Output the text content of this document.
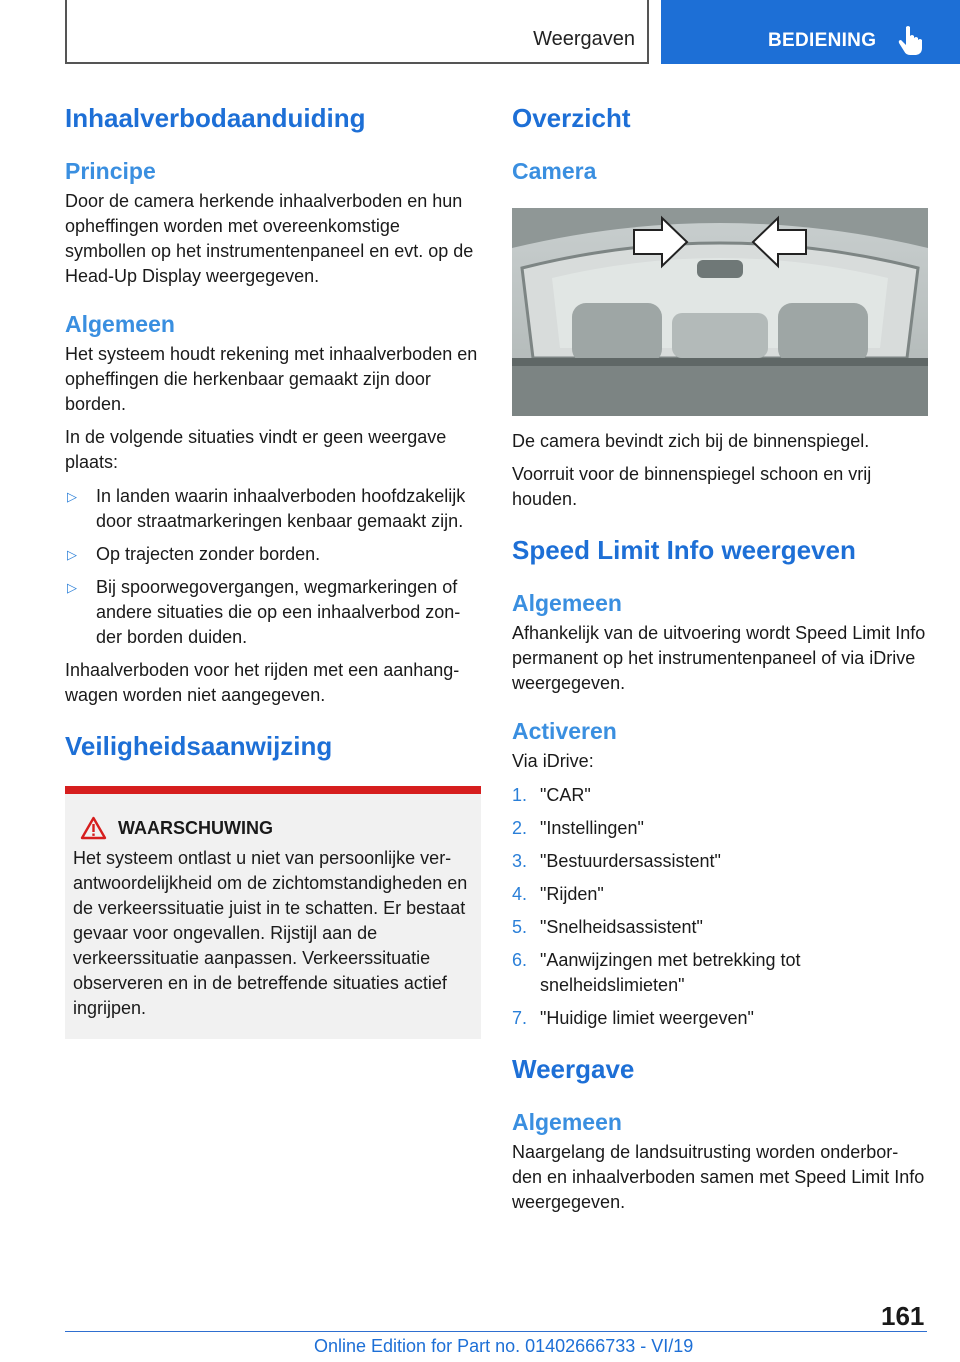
Weergaven	BEDIENING
Inhaalverbodaanduiding
Principe

Door de camera herkende inhaalverboden en hun opheffingen worden met overeenkomstige symbollen op het instrumentenpaneel en evt. op de Head-Up Display weergegeven.

Algemeen

Het systeem houdt rekening met inhaalverboden en opheffingen die herkenbaar gemaakt zijn door borden.

In de volgende situaties vindt er geen weergave plaats:

▷	In landen waarin inhaalverboden hoofdzakelijk door straatmarkeringen kenbaar gemaakt zijn.
▷	Op trajecten zonder borden.
▷	Bij spoorwegovergangen, wegmarkeringen of andere situaties die op een inhaalverbod zon-der borden duiden.

Inhaalverboden voor het rijden met een aanhang-wagen worden niet aangegeven.

Veiligheidsaanwijzing
WAARSCHUWING

Het systeem ontlast u niet van persoonlijke ver-antwoordelijkheid om de zichtomstandigheden en de verkeerssituatie juist in te schatten. Er bestaat gevaar voor ongevallen. Rijstijl aan de verkeerssituatie aanpassen. Verkeerssituatie observeren en in de betreffende situaties actief ingrijpen.

Overzicht
Camera

De camera bevindt zich bij de binnenspiegel.

Voorruit voor de binnenspiegel schoon en vrij houden.

Speed Limit Info weergeven
Algemeen

Afhankelijk van de uitvoering wordt Speed Limit Info permanent op het instrumentenpaneel of via iDrive weergegeven.

Activeren

Via iDrive:

1. "CAR"
2. "Instellingen"
3. "Bestuurdersassistent"
4. "Rijden"
5. "Snelheidsassistent"
6. "Aanwijzingen met betrekking tot snelheidslimieten"
7. "Huidige limiet weergeven"
Weergave
Algemeen

Naargelang de landsuitrusting worden onderbor-den en inhaalverboden samen met Speed Limit Info weergegeven.

161
Online Edition for Part no. 01402666733 - VI/19
